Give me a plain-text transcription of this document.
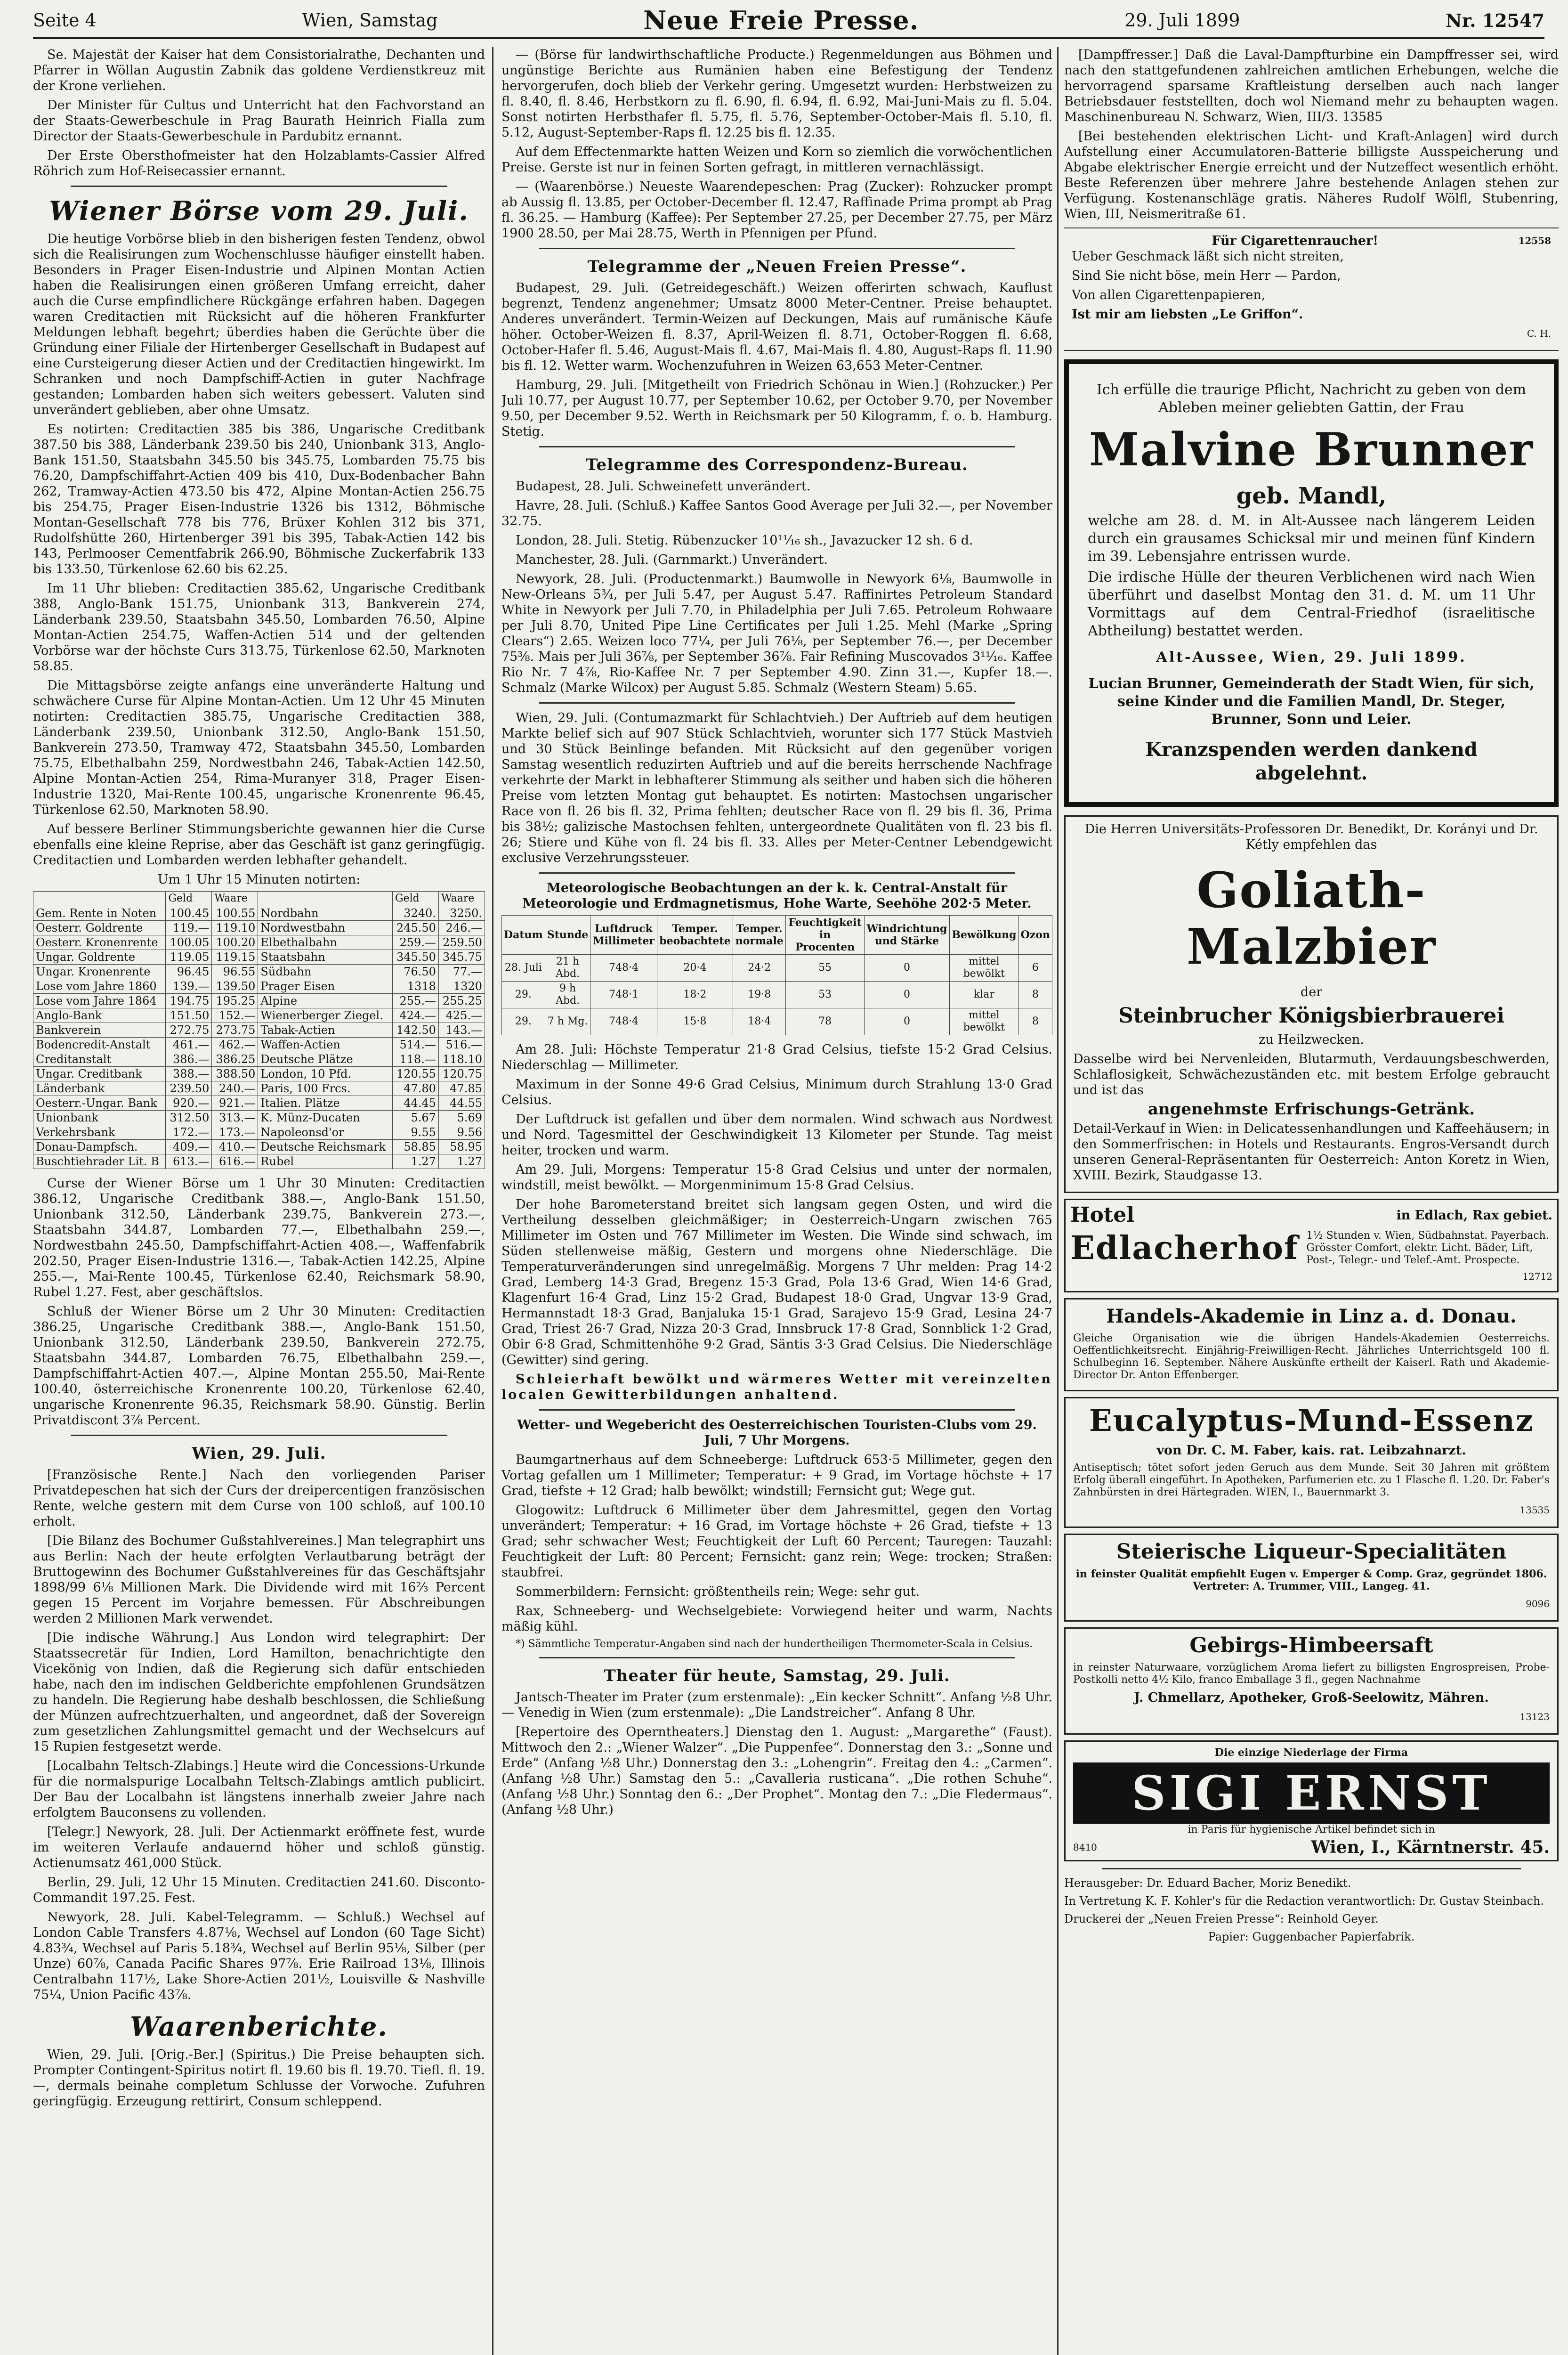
Seite 4	Wien, Samstag	Neue Freie Presse.	29. Juli 1899	Nr. 12547

Se. Majestät der Kaiser hat dem Consistorialrathe, Dechanten und Pfarrer in Wöllan Augustin Zabnik das goldene Verdienstkreuz mit der Krone verliehen.

Der Minister für Cultus und Unterricht hat den Fachvorstand an der Staats-Gewerbeschule in Prag Baurath Heinrich Fialla zum Director der Staats-Gewerbeschule in Pardubitz ernannt.

Der Erste Obersthofmeister hat den Holzablamts-Cassier Alfred Röhrich zum Hof-Reisecassier ernannt.

Wiener Börse vom 29. Juli.

Die heutige Vorbörse blieb in den bisherigen festen Tendenz, obwol sich die Realisirungen zum Wochenschlusse häufiger einstellt haben. Besonders in Prager Eisen-Industrie und Alpinen Montan Actien haben die Realisirungen einen größeren Umfang erreicht, daher auch die Curse empfindlichere Rückgänge erfahren haben. Dagegen waren Creditactien mit Rücksicht auf die höheren Frankfurter Meldungen lebhaft begehrt; überdies haben die Gerüchte über die Gründung einer Filiale der Hirtenberger Gesellschaft in Budapest auf eine Cursteigerung dieser Actien und der Creditactien hingewirkt. Im Schranken und noch Dampfschiff-Actien in guter Nachfrage gestanden; Lombarden haben sich weiters gebessert. Valuten sind unverändert geblieben, aber ohne Umsatz.

Es notirten: Creditactien 385 bis 386, Ungarische Creditbank 387.50 bis 388, Länderbank 239.50 bis 240, Unionbank 313, Anglo-Bank 151.50, Staatsbahn 345.50 bis 345.75, Lombarden 75.75 bis 76.20, Dampfschiffahrt-Actien 409 bis 410, Dux-Bodenbacher Bahn 262, Tramway-Actien 473.50 bis 472, Alpine Montan-Actien 256.75 bis 254.75, Prager Eisen-Industrie 1326 bis 1312, Böhmische Montan-Gesellschaft 778 bis 776, Brüxer Kohlen 312 bis 371, Rudolfshütte 260, Hirtenberger 391 bis 395, Tabak-Actien 142 bis 143, Perlmooser Cementfabrik 266.90, Böhmische Zuckerfabrik 133 bis 133.50, Türkenlose 62.60 bis 62.25.

Im 11 Uhr blieben: Creditactien 385.62, Ungarische Creditbank 388, Anglo-Bank 151.75, Unionbank 313, Bankverein 274, Länderbank 239.50, Staatsbahn 345.50, Lombarden 76.50, Alpine Montan-Actien 254.75, Waffen-Actien 514 und der geltenden Vorbörse war der höchste Curs 313.75, Türkenlose 62.50, Marknoten 58.85.

Die Mittagsbörse zeigte anfangs eine unveränderte Haltung und schwächere Curse für Alpine Montan-Actien. Um 12 Uhr 45 Minuten notirten: Creditactien 385.75, Ungarische Creditactien 388, Länderbank 239.50, Unionbank 312.50, Anglo-Bank 151.50, Bankverein 273.50, Tramway 472, Staatsbahn 345.50, Lombarden 75.75, Elbethalbahn 259, Nordwestbahn 246, Tabak-Actien 142.50, Alpine Montan-Actien 254, Rima-Muranyer 318, Prager Eisen-Industrie 1320, Mai-Rente 100.45, ungarische Kronenrente 96.45, Türkenlose 62.50, Marknoten 58.90.

Auf bessere Berliner Stimmungsberichte gewannen hier die Curse ebenfalls eine kleine Reprise, aber das Geschäft ist ganz geringfügig. Creditactien und Lombarden werden lebhafter gehandelt.

Um 1 Uhr 15 Minuten notirten:

	Geld	Waare		Geld	Waare
Gem. Rente in Noten	100.45	100.55	Nordbahn	3240.	3250.
Oesterr. Goldrente	119.—	119.10	Nordwestbahn	245.50	246.—
Oesterr. Kronenrente	100.05	100.20	Elbethalbahn	259.—	259.50
Ungar. Goldrente	119.05	119.15	Staatsbahn	345.50	345.75
Ungar. Kronenrente	96.45	96.55	Südbahn	76.50	77.—
Lose vom Jahre 1860	139.—	139.50	Prager Eisen	1318	1320
Lose vom Jahre 1864	194.75	195.25	Alpine	255.—	255.25
Anglo-Bank	151.50	152.—	Wienerberger Ziegel.	424.—	425.—
Bankverein	272.75	273.75	Tabak-Actien	142.50	143.—
Bodencredit-Anstalt	461.—	462.—	Waffen-Actien	514.—	516.—
Creditanstalt	386.—	386.25	Deutsche Plätze	118.—	118.10
Ungar. Creditbank	388.—	388.50	London, 10 Pfd.	120.55	120.75
Länderbank	239.50	240.—	Paris, 100 Frcs.	47.80	47.85
Oesterr.-Ungar. Bank	920.—	921.—	Italien. Plätze	44.45	44.55
Unionbank	312.50	313.—	K. Münz-Ducaten	5.67	5.69
Verkehrsbank	172.—	173.—	Napoleonsd'or	9.55	9.56
Donau-Dampfsch.	409.—	410.—	Deutsche Reichsmark	58.85	58.95
Buschtiehrader Lit. B	613.—	616.—	Rubel	1.27	1.27

Curse der Wiener Börse um 1 Uhr 30 Minuten: Creditactien 386.12, Ungarische Creditbank 388.—, Anglo-Bank 151.50, Unionbank 312.50, Länderbank 239.75, Bankverein 273.—, Staatsbahn 344.87, Lombarden 77.—, Elbethalbahn 259.—, Nordwestbahn 245.50, Dampfschiffahrt-Actien 408.—, Waffenfabrik 202.50, Prager Eisen-Industrie 1316.—, Tabak-Actien 142.25, Alpine 255.—, Mai-Rente 100.45, Türkenlose 62.40, Reichsmark 58.90, Rubel 1.27. Fest, aber geschäftslos.

Schluß der Wiener Börse um 2 Uhr 30 Minuten: Creditactien 386.25, Ungarische Creditbank 388.—, Anglo-Bank 151.50, Unionbank 312.50, Länderbank 239.50, Bankverein 272.75, Staatsbahn 344.87, Lombarden 76.75, Elbethalbahn 259.—, Dampfschiffahrt-Actien 407.—, Alpine Montan 255.50, Mai-Rente 100.40, österreichische Kronenrente 100.20, Türkenlose 62.40, ungarische Kronenrente 96.35, Reichsmark 58.90. Günstig. Berlin Privatdiscont 3⅞ Percent.

Wien, 29. Juli.

[Französische Rente.] Nach den vorliegenden Pariser Privatdepeschen hat sich der Curs der dreipercentigen französischen Rente, welche gestern mit dem Curse von 100 schloß, auf 100.10 erholt.

[Die Bilanz des Bochumer Gußstahlvereines.] Man telegraphirt uns aus Berlin: Nach der heute erfolgten Verlautbarung beträgt der Bruttogewinn des Bochumer Gußstahlvereines für das Geschäftsjahr 1898/99 6⅛ Millionen Mark. Die Dividende wird mit 16⅔ Percent gegen 15 Percent im Vorjahre bemessen. Für Abschreibungen werden 2 Millionen Mark verwendet.

[Die indische Währung.] Aus London wird telegraphirt: Der Staatssecretär für Indien, Lord Hamilton, benachrichtigte den Vicekönig von Indien, daß die Regierung sich dafür entschieden habe, nach den im indischen Geldberichte empfohlenen Grundsätzen zu handeln. Die Regierung habe deshalb beschlossen, die Schließung der Münzen aufrechtzuerhalten, und angeordnet, daß der Sovereign zum gesetzlichen Zahlungsmittel gemacht und der Wechselcurs auf 15 Rupien festgesetzt werde.

[Localbahn Teltsch-Zlabings.] Heute wird die Concessions-Urkunde für die normalspurige Localbahn Teltsch-Zlabings amtlich publicirt. Der Bau der Localbahn ist längstens innerhalb zweier Jahre nach erfolgtem Bauconsens zu vollenden.

[Telegr.] Newyork, 28. Juli. Der Actienmarkt eröffnete fest, wurde im weiteren Verlaufe andauernd höher und schloß günstig. Actienumsatz 461,000 Stück.

Berlin, 29. Juli, 12 Uhr 15 Minuten. Creditactien 241.60. Disconto-Commandit 197.25. Fest.

Newyork, 28. Juli. Kabel-Telegramm. — Schluß.) Wechsel auf London Cable Transfers 4.87⅛, Wechsel auf London (60 Tage Sicht) 4.83¾, Wechsel auf Paris 5.18¾, Wechsel auf Berlin 95⅛, Silber (per Unze) 60⅞, Canada Pacific Shares 97⅞. Erie Railroad 13⅛, Illinois Centralbahn 117½, Lake Shore-Actien 201½, Louisville & Nashville 75¼, Union Pacific 43⅞.

Waarenberichte.

Wien, 29. Juli. [Orig.-Ber.] (Spiritus.) Die Preise behaupten sich. Prompter Contingent-Spiritus notirt fl. 19.60 bis fl. 19.70. Tiefl. fl. 19.—, dermals beinahe completum Schlusse der Vorwoche. Zufuhren geringfügig. Erzeugung rettirirt, Consum schleppend.

— (Börse für landwirthschaftliche Producte.) Regenmeldungen aus Böhmen und ungünstige Berichte aus Rumänien haben eine Befestigung der Tendenz hervorgerufen, doch blieb der Verkehr gering. Umgesetzt wurden: Herbstweizen zu fl. 8.40, fl. 8.46, Herbstkorn zu fl. 6.90, fl. 6.94, fl. 6.92, Mai-Juni-Mais zu fl. 5.04. Sonst notirten Herbsthafer fl. 5.75, fl. 5.76, September-October-Mais fl. 5.10, fl. 5.12, August-September-Raps fl. 12.25 bis fl. 12.35.

Auf dem Effectenmarkte hatten Weizen und Korn so ziemlich die vorwöchentlichen Preise. Gerste ist nur in feinen Sorten gefragt, in mittleren vernachlässigt.

— (Waarenbörse.) Neueste Waarendepeschen: Prag (Zucker): Rohzucker prompt ab Aussig fl. 13.85, per October-December fl. 12.47, Raffinade Prima prompt ab Prag fl. 36.25. — Hamburg (Kaffee): Per September 27.25, per December 27.75, per März 1900 28.50, per Mai 28.75, Werth in Pfennigen per Pfund.

Telegramme der „Neuen Freien Presse“.

Budapest, 29. Juli. (Getreidegeschäft.) Weizen offerirten schwach, Kauflust begrenzt, Tendenz angenehmer; Umsatz 8000 Meter-Centner. Preise behauptet. Anderes unverändert. Termin-Weizen auf Deckungen, Mais auf rumänische Käufe höher. October-Weizen fl. 8.37, April-Weizen fl. 8.71, October-Roggen fl. 6.68, October-Hafer fl. 5.46, August-Mais fl. 4.67, Mai-Mais fl. 4.80, August-Raps fl. 11.90 bis fl. 12. Wetter warm. Wochenzufuhren in Weizen 63,653 Meter-Centner.

Hamburg, 29. Juli. [Mitgetheilt von Friedrich Schönau in Wien.] (Rohzucker.) Per Juli 10.77, per August 10.77, per September 10.62, per October 9.70, per November 9.50, per December 9.52. Werth in Reichsmark per 50 Kilogramm, f. o. b. Hamburg. Stetig.

Telegramme des Correspondenz-Bureau.

Budapest, 28. Juli. Schweinefett unverändert.

Havre, 28. Juli. (Schluß.) Kaffee Santos Good Average per Juli 32.—, per November 32.75.

London, 28. Juli. Stetig. Rübenzucker 10¹¹⁄₁₆ sh., Javazucker 12 sh. 6 d.

Manchester, 28. Juli. (Garnmarkt.) Unverändert.

Newyork, 28. Juli. (Productenmarkt.) Baumwolle in Newyork 6⅛, Baumwolle in New-Orleans 5¾, per Juli 5.47, per August 5.47. Raffinirtes Petroleum Standard White in Newyork per Juli 7.70, in Philadelphia per Juli 7.65. Petroleum Rohwaare per Juli 8.70, United Pipe Line Certificates per Juli 1.25. Mehl (Marke „Spring Clears“) 2.65. Weizen loco 77¼, per Juli 76⅛, per September 76.—, per December 75⅜. Mais per Juli 36⅞, per September 36⅞. Fair Refining Muscovados 3¹¹⁄₁₆. Kaffee Rio Nr. 7 4⅞, Rio-Kaffee Nr. 7 per September 4.90. Zinn 31.—, Kupfer 18.—. Schmalz (Marke Wilcox) per August 5.85. Schmalz (Western Steam) 5.65.

Wien, 29. Juli. (Contumazmarkt für Schlachtvieh.) Der Auftrieb auf dem heutigen Markte belief sich auf 907 Stück Schlachtvieh, worunter sich 177 Stück Mastvieh und 30 Stück Beinlinge befanden. Mit Rücksicht auf den gegenüber vorigen Samstag wesentlich reduzirten Auftrieb und auf die bereits herrschende Nachfrage verkehrte der Markt in lebhafterer Stimmung als seither und haben sich die höheren Preise vom letzten Montag gut behauptet. Es notirten: Mastochsen ungarischer Race von fl. 26 bis fl. 32, Prima fehlten; deutscher Race von fl. 29 bis fl. 36, Prima bis 38½; galizische Mastochsen fehlten, untergeordnete Qualitäten von fl. 23 bis fl. 26; Stiere und Kühe von fl. 24 bis fl. 33. Alles per Meter-Centner Lebendgewicht exclusive Verzehrungssteuer.

Meteorologische Beobachtungen an der k. k. Central-Anstalt für Meteorologie und Erdmagnetismus, Hohe Warte, Seehöhe 202·5 Meter.

Datum	Stunde	Luftdruck Millimeter	Temper. beobachtete	Temper. normale	Feuchtigkeit in Procenten	Windrichtung und Stärke	Bewölkung	Ozon
28. Juli	21 h Abd.	748·4	20·4	24·2	55	0	mittel bewölkt	6
29.	9 h Abd.	748·1	18·2	19·8	53	0	klar	8
29.	7 h Mg.	748·4	15·8	18·4	78	0	mittel bewölkt	8

Am 28. Juli: Höchste Temperatur 21·8 Grad Celsius, tiefste 15·2 Grad Celsius. Niederschlag — Millimeter.

Maximum in der Sonne 49·6 Grad Celsius, Minimum durch Strahlung 13·0 Grad Celsius.

Der Luftdruck ist gefallen und über dem normalen. Wind schwach aus Nordwest und Nord. Tagesmittel der Geschwindigkeit 13 Kilometer per Stunde. Tag meist heiter, trocken und warm.

Am 29. Juli, Morgens: Temperatur 15·8 Grad Celsius und unter der normalen, windstill, meist bewölkt. — Morgenminimum 15·8 Grad Celsius.

Der hohe Barometerstand breitet sich langsam gegen Osten, und wird die Vertheilung desselben gleichmäßiger; in Oesterreich-Ungarn zwischen 765 Millimeter im Osten und 767 Millimeter im Westen. Die Winde sind schwach, im Süden stellenweise mäßig, Gestern und morgens ohne Niederschläge. Die Temperaturveränderungen sind unregelmäßig. Morgens 7 Uhr melden: Prag 14·2 Grad, Lemberg 14·3 Grad, Bregenz 15·3 Grad, Pola 13·6 Grad, Wien 14·6 Grad, Klagenfurt 16·4 Grad, Linz 15·2 Grad, Budapest 18·0 Grad, Ungvar 13·9 Grad, Hermannstadt 18·3 Grad, Banjaluka 15·1 Grad, Sarajevo 15·9 Grad, Lesina 24·7 Grad, Triest 26·7 Grad, Nizza 20·3 Grad, Innsbruck 17·8 Grad, Sonnblick 1·2 Grad, Obir 6·8 Grad, Schmittenhöhe 9·2 Grad, Säntis 3·3 Grad Celsius. Die Niederschläge (Gewitter) sind gering.

Schleierhaft bewölkt und wärmeres Wetter mit vereinzelten localen Gewitterbildungen anhaltend.

Wetter- und Wegebericht des Oesterreichischen Touristen-Clubs vom 29. Juli, 7 Uhr Morgens.

Baumgartnerhaus auf dem Schneeberge: Luftdruck 653·5 Millimeter, gegen den Vortag gefallen um 1 Millimeter; Temperatur: + 9 Grad, im Vortage höchste + 17 Grad, tiefste + 12 Grad; halb bewölkt; windstill; Fernsicht gut; Wege gut.

Glogowitz: Luftdruck 6 Millimeter über dem Jahresmittel, gegen den Vortag unverändert; Temperatur: + 16 Grad, im Vortage höchste + 26 Grad, tiefste + 13 Grad; sehr schwacher West; Feuchtigkeit der Luft 60 Percent; Tauregen: Tauzahl: Feuchtigkeit der Luft: 80 Percent; Fernsicht: ganz rein; Wege: trocken; Straßen: staubfrei.

Sommerbildern: Fernsicht: größtentheils rein; Wege: sehr gut.

Rax, Schneeberg- und Wechselgebiete: Vorwiegend heiter und warm, Nachts mäßig kühl.

*) Sämmtliche Temperatur-Angaben sind nach der hundertheiligen Thermometer-Scala in Celsius.

Theater für heute, Samstag, 29. Juli.

Jantsch-Theater im Prater (zum erstenmale): „Ein kecker Schnitt“. Anfang ½8 Uhr. — Venedig in Wien (zum erstenmale): „Die Landstreicher“. Anfang 8 Uhr.

[Repertoire des Operntheaters.] Dienstag den 1. August: „Margarethe“ (Faust). Mittwoch den 2.: „Wiener Walzer“. „Die Puppenfee“. Donnerstag den 3.: „Sonne und Erde“ (Anfang ½8 Uhr.) Donnerstag den 3.: „Lohengrin“. Freitag den 4.: „Carmen“. (Anfang ½8 Uhr.) Samstag den 5.: „Cavalleria rusticana“. „Die rothen Schuhe“. (Anfang ½8 Uhr.) Sonntag den 6.: „Der Prophet“. Montag den 7.: „Die Fledermaus“. (Anfang ½8 Uhr.)

[Dampffresser.] Daß die Laval-Dampfturbine ein Dampffresser sei, wird nach den stattgefundenen zahlreichen amtlichen Erhebungen, welche die hervorragend sparsame Kraftleistung derselben auch nach langer Betriebsdauer feststellten, doch wol Niemand mehr zu behaupten wagen. Maschinenbureau N. Schwarz, Wien, III/3. 13585

[Bei bestehenden elektrischen Licht- und Kraft-Anlagen] wird durch Aufstellung einer Accumulatoren-Batterie billigste Ausspeicherung und Abgabe elektrischer Energie erreicht und der Nutzeffect wesentlich erhöht. Beste Referenzen über mehrere Jahre bestehende Anlagen stehen zur Verfügung. Kostenanschläge gratis. Näheres Rudolf Wölfl, Stubenring, Wien, III, Neismeritraße 61.

Für Cigarettenraucher!	12558

Ueber Geschmack läßt sich nicht streiten,

Sind Sie nicht böse, mein Herr — Pardon,

Von allen Cigarettenpapieren,

Ist mir am liebsten „Le Griffon“.

C. H.

Ich erfülle die traurige Pflicht, Nachricht zu geben von dem Ableben meiner geliebten Gattin, der Frau

Malvine Brunner

geb. Mandl,

welche am 28. d. M. in Alt-Aussee nach längerem Leiden durch ein grausames Schicksal mir und meinen fünf Kindern im 39. Lebensjahre entrissen wurde.

Die irdische Hülle der theuren Verblichenen wird nach Wien überführt und daselbst Montag den 31. d. M. um 11 Uhr Vormittags auf dem Central-Friedhof (israelitische Abtheilung) bestattet werden.

Alt-Aussee, Wien, 29. Juli 1899.

Lucian Brunner, Gemeinderath der Stadt Wien, für sich, seine Kinder und die Familien Mandl, Dr. Steger, Brunner, Sonn und Leier.

Kranzspenden werden dankend abgelehnt.

Die Herren Universitäts-Professoren Dr. Benedikt, Dr. Korányi und Dr. Kétly empfehlen das

Goliath-Malzbier

der

Steinbrucher Königsbierbrauerei

zu Heilzwecken.

Dasselbe wird bei Nervenleiden, Blutarmuth, Verdauungsbeschwerden, Schlaflosigkeit, Schwächezuständen etc. mit bestem Erfolge gebraucht und ist das

angenehmste Erfrischungs-Getränk.

Detail-Verkauf in Wien: in Delicatessenhandlungen und Kaffeehäusern; in den Sommerfrischen: in Hotels und Restaurants. Engros-Versandt durch unseren General-Repräsentanten für Oesterreich: Anton Koretz in Wien, XVIII. Bezirk, Staudgasse 13.

Hotel	in Edlach, Rax gebiet.
Edlacherhof 1½ Stunden v. Wien, Südbahnstat. Payerbach. Grösster Comfort, elektr. Licht. Bäder, Lift, Post-, Telegr.- und Telef.-Amt. Prospecte.

12712

Handels-Akademie in Linz a. d. Donau.

Gleiche Organisation wie die übrigen Handels-Akademien Oesterreichs. Oeffentlichkeitsrecht. Einjährig-Freiwilligen-Recht. Jährliches Unterrichtsgeld 100 fl. Schulbeginn 16. September. Nähere Auskünfte ertheilt der Kaiserl. Rath und Akademie-Director Dr. Anton Effenberger.

Eucalyptus-Mund-Essenz

von Dr. C. M. Faber, kais. rat. Leibzahnarzt.

Antiseptisch; tötet sofort jeden Geruch aus dem Munde. Seit 30 Jahren mit größtem Erfolg überall eingeführt. In Apotheken, Parfumerien etc. zu 1 Flasche fl. 1.20. Dr. Faber's Zahnbürsten in drei Härtegraden. WIEN, I., Bauernmarkt 3.

13535

Steierische Liqueur-Specialitäten

in feinster Qualität empfiehlt Eugen v. Emperger & Comp. Graz, gegründet 1806. Vertreter: A. Trummer, VIII., Langeg. 41.

9096

Gebirgs-Himbeersaft

in reinster Naturwaare, vorzüglichem Aroma liefert zu billigsten Engrospreisen, Probe-Postkolli netto 4½ Kilo, franco Emballage 3 fl., gegen Nachnahme

J. Chmellarz, Apotheker, Groß-Seelowitz, Mähren.

13123

Die einzige Niederlage der Firma

SIGI ERNST

in Paris für hygienische Artikel befindet sich in

8410	Wien, I., Kärntnerstr. 45.

Herausgeber: Dr. Eduard Bacher, Moriz Benedikt.

In Vertretung K. F. Kohler's für die Redaction verantwortlich: Dr. Gustav Steinbach.

Druckerei der „Neuen Freien Presse“: Reinhold Geyer.

Papier: Guggenbacher Papierfabrik.
